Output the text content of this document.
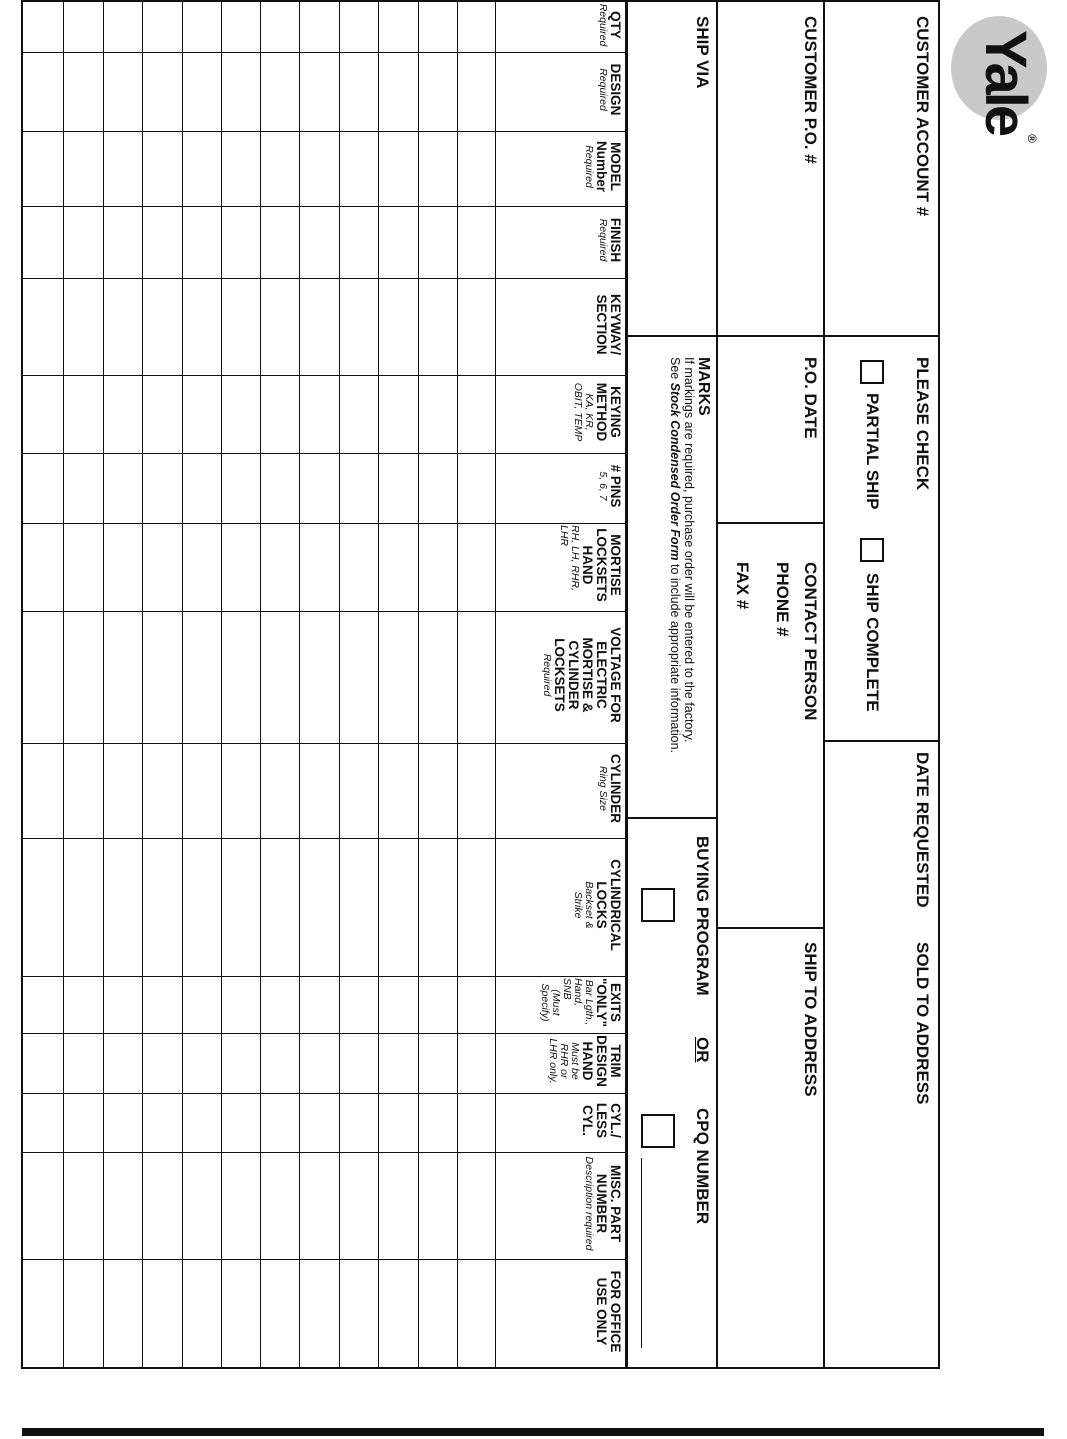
Yale®
CUSTOMER ACCOUNT #
PLEASE CHECK
PARTIAL SHIP
SHIP COMPLETE
DATE REQUESTED
SOLD TO ADDRESS
CUSTOMER P.O. #
P.O. DATE
CONTACT PERSON
PHONE #
FAX #
SHIP TO ADDRESS
SHIP VIA
MARKS
If markings are required, purchase order will be entered to the factory.
See Stock Condensed Order Form to include appropriate information.
BUYING PROGRAM
OR
CPQ NUMBER
QTY
Required
DESIGN
Required
MODEL
Number
Required
FINISH
Required
KEYWAY/
SECTION
KEYING
METHOD
KA, KR,
OBIT, TEMP
# PINS
5, 6, 7
MORTISE
LOCKSETS
HAND
RH, LH, RHR, LHR
VOLTAGE FOR
ELECTRIC
MORTISE &
CYLINDER
LOCKSETS
Required
CYLINDER
Ring Size
CYLINDRICAL
LOCKS
Backset &
Strike
EXITS
"ONLY"
Bar Lgth.,
Hand, SNB
(Must
Specify)
TRIM
DESIGN
HAND
Must be
RHR or
LHR only.
CYL./
LESS
CYL.
MISC. PART
NUMBER
Description required
FOR OFFICE
USE ONLY
